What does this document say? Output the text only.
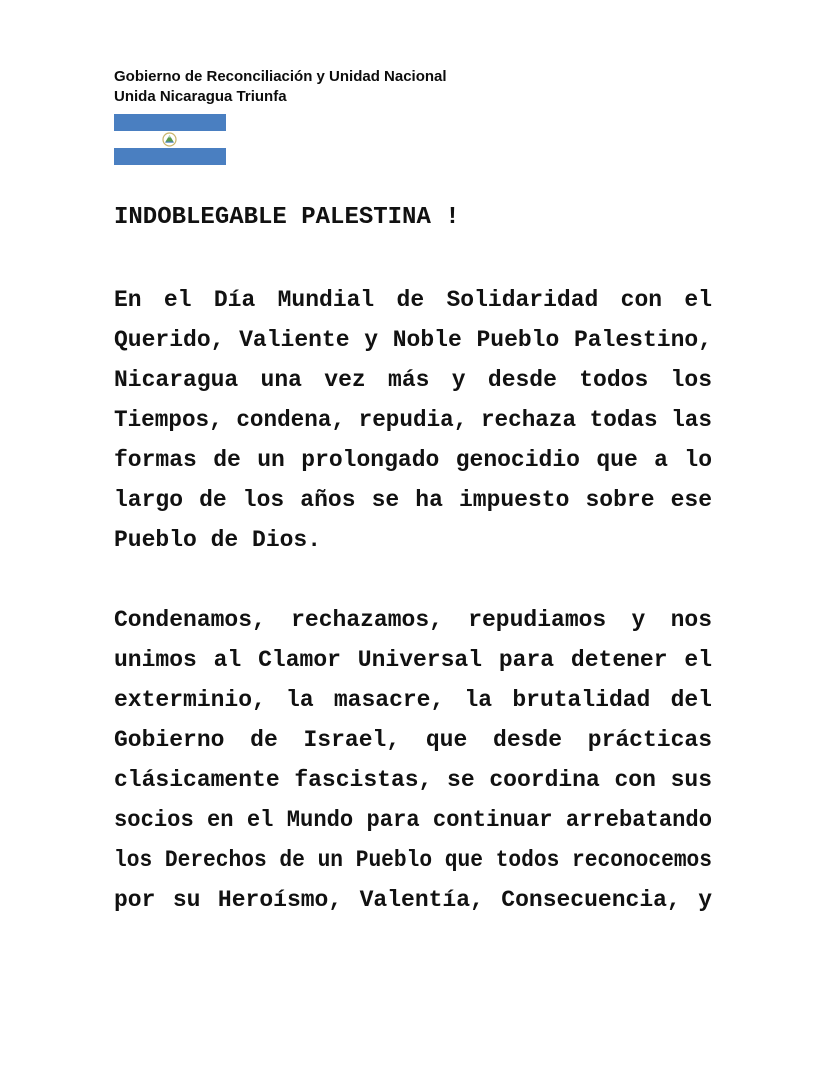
Gobierno de Reconciliación y Unidad Nacional
Unida Nicaragua Triunfa
INDOBLEGABLE PALESTINA !
En el Día Mundial de Solidaridad con el
Querido, Valiente y Noble Pueblo Palestino,
Nicaragua una vez más y desde todos los
Tiempos, condena, repudia, rechaza todas las
formas de un prolongado genocidio que a lo
largo de los años se ha impuesto sobre ese
Pueblo de Dios.
Condenamos, rechazamos, repudiamos y nos
unimos al Clamor Universal para detener el
exterminio, la masacre, la brutalidad del
Gobierno de Israel, que desde prácticas
clásicamente fascistas, se coordina con sus
socios en el Mundo para continuar arrebatando
los Derechos de un Pueblo que todos reconocemos
por su Heroísmo, Valentía, Consecuencia, y
